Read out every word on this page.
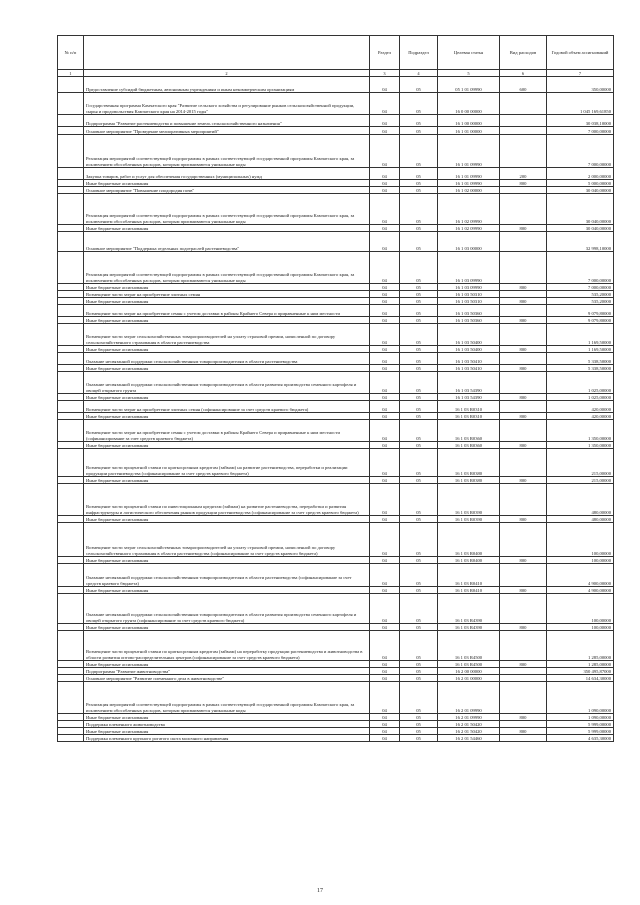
№ п/п		Раздел	Подраздел	Целевая статья	Вид расходов	Годовой объем ассигнований
1	2	3	4	5	6	7
	Предоставление субсидий бюджетным, автономным учреждениям и иным некоммерческим организациям	04	05	05 1 01 09990	600	350,00000
	Государственная программа Камчатского края "Развитие сельского хозяйства и регулирование рынков сельскохозяйственной продукции, сырья и продовольствия Камчатского края на 2014-2015 годы"	04	05	16 0 00 00000		1 045 169,61850
	Подпрограмма "Развитие растениеводства и повышение земель сельскохозяйственного назначения"	04	05	16 1 00 00000		30 038,10000
	Основное мероприятие "Проведение мелиоративных мероприятий"	04	05	16 1 01 00000		7 000,00000
	Реализация мероприятий соответствующей подпрограммы в рамках соответствующей государственной программы Камчатского края, за исключением обособленных расходов, которым присваиваются уникальные коды	04	05	16 1 01 09990		7 000,00000
	Закупка товаров, работ и услуг для обеспечения государственных (муниципальных) нужд	04	05	16 1 01 09990	200	2 000,00000
	Иные бюджетные ассигнования	04	05	16 1 01 09990	800	5 000,00000
	Основное мероприятие "Повышение плодородия почв"	04	05	16 1 02 00000		30 040,00000
	Реализация мероприятий соответствующей подпрограммы в рамках соответствующей государственной программы Камчатского края, за исключением обособленных расходов, которым присваиваются уникальные коды	04	05	16 1 02 09990		30 040,00000
	Иные бюджетные ассигнования	04	05	16 1 02 09990	800	30 040,00000
	Основное мероприятие "Поддержка отдельных подотраслей растениеводства"	04	05	16 1 03 00000		32 998,10000
	Реализация мероприятий соответствующей подпрограммы в рамках соответствующей государственной программы Камчатского края, за исключением обособленных расходов, которым присваиваются уникальные коды	04	05	16 1 03 09990		7 000,00000
	Иные бюджетные ассигнования	04	05	16 1 03 09990	800	7 000,00000
	Возмещение части затрат на приобретение элитных семян	04	05	16 1 03 50310		535,20000
	Иные бюджетные ассигнования	04	05	16 1 03 50310	800	535,20000
	Возмещение части затрат на приобретение семян с учетом доставки в районы Крайнего Севера и приравненные к ним местности	04	05	16 1 03 50360		9 079,80000
	Иные бюджетные ассигнования	04	05	16 1 03 50360	800	9 079,80000
	Возмещение части затрат сельскохозяйственных товаропроизводителей на уплату страховой премии, начисленной по договору сельскохозяйственного страхования в области растениеводства	04	05	16 1 03 50400		1 169,50000
	Иные бюджетные ассигнования	04	05	16 1 03 50400	800	1 169,50000
	Оказание несвязанной поддержки сельскохозяйственным товаропроизводителям в области растениеводства	04	05	16 1 03 50410		5 338,50000
	Иные бюджетные ассигнования	04	05	16 1 03 50410	800	5 338,50000
	Оказание несвязанной поддержки сельскохозяйственным товаропроизводителям в области развития производства семенного картофеля и овощей открытого грунта	04	05	16 1 03 54390		1 025,00000
	Иные бюджетные ассигнования	04	05	16 1 03 54390	800	1 025,00000
	Возмещение части затрат на приобретение элитных семян (софинансирование за счет средств краевого бюджета)	04	05	16 1 03 R0310		420,00000
	Иные бюджетные ассигнования	04	05	16 1 03 R0310	800	420,00000
	Возмещение части затрат на приобретение семян с учетом доставки в районы Крайнего Севера и приравненные к ним местности (софинансирование за счет средств краевого бюджета)	04	05	16 1 03 R0360		1 350,00000
	Иные бюджетные ассигнования	04	05	16 1 03 R0360	800	1 350,00000
	Возмещение части процентной ставки по краткосрочным кредитам (займам) на развитие растениеводства, переработки и реализации продукции растениеводства (софинансирование за счет средств краевого бюджета)	04	05	16 1 03 R0380		215,00000
	Иные бюджетные ассигнования	04	05	16 1 03 R0380	800	215,00000
	Возмещение части процентной ставки по инвестиционным кредитам (займам) на развитие растениеводства, переработки и развития инфраструктуры и логистического обеспечения рынков продукции растениеводства (софинансирование за счет средств краевого бюджета)	04	05	16 1 03 R0390		480,00000
	Иные бюджетные ассигнования	04	05	16 1 03 R0390	800	480,00000
	Возмещение части затрат сельскохозяйственных товаропроизводителей на уплату страховой премии, начисленной по договору сельскохозяйственного страхования в области растениеводства (софинансирование за счет средств краевого бюджета)	04	05	16 1 03 R0400		100,00000
	Иные бюджетные ассигнования	04	05	16 1 03 R0400	800	100,00000
	Оказание несвязанной поддержки сельскохозяйственным товаропроизводителям в области растениеводства (софинансирование за счет средств краевого бюджета)	04	05	16 1 03 R0410		4 900,00000
	Иные бюджетные ассигнования	04	05	16 1 03 R0410	800	4 900,00000
	Оказание несвязанной поддержки сельскохозяйственным товаропроизводителям в области развития производства семенного картофеля и овощей открытого грунта (софинансирование за счет средств краевого бюджета)	04	05	16 1 03 R4390		100,00000
	Иные бюджетные ассигнования	04	05	16 1 03 R4390	800	100,00000
	Возмещение части процентной ставки по краткосрочным кредитам (займам) на переработку продукции растениеводства и животноводства в области развития оптово-распределительных центров (софинансирование за счет средств краевого бюджета)	04	05	16 1 03 R4500		1 285,00000
	Иные бюджетные ассигнования	04	05	16 1 03 R4500	800	1 285,00000
	Подпрограмма "Развитие животноводства"	04	05	16 2 00 00000		350 495,87000
	Основное мероприятие "Развитие племенного дела в животноводстве"	04	05	16 2 01 00000		14 634,30000
	Реализация мероприятий соответствующей подпрограммы в рамках соответствующей государственной программы Камчатского края, за исключением обособленных расходов, которым присваиваются уникальные коды	04	05	16 2 01 09990		1 090,00000
	Иные бюджетные ассигнования	04	05	16 2 01 09990	800	1 090,00000
	Поддержка племенного животноводства	04	05	16 2 01 50420		5 999,00000
	Иные бюджетные ассигнования	04	05	16 2 01 50420	800	5 999,00000
	Поддержка племенного крупного рогатого скота молочного направления	04	05	16 2 01 54460		4 635,30000
17
